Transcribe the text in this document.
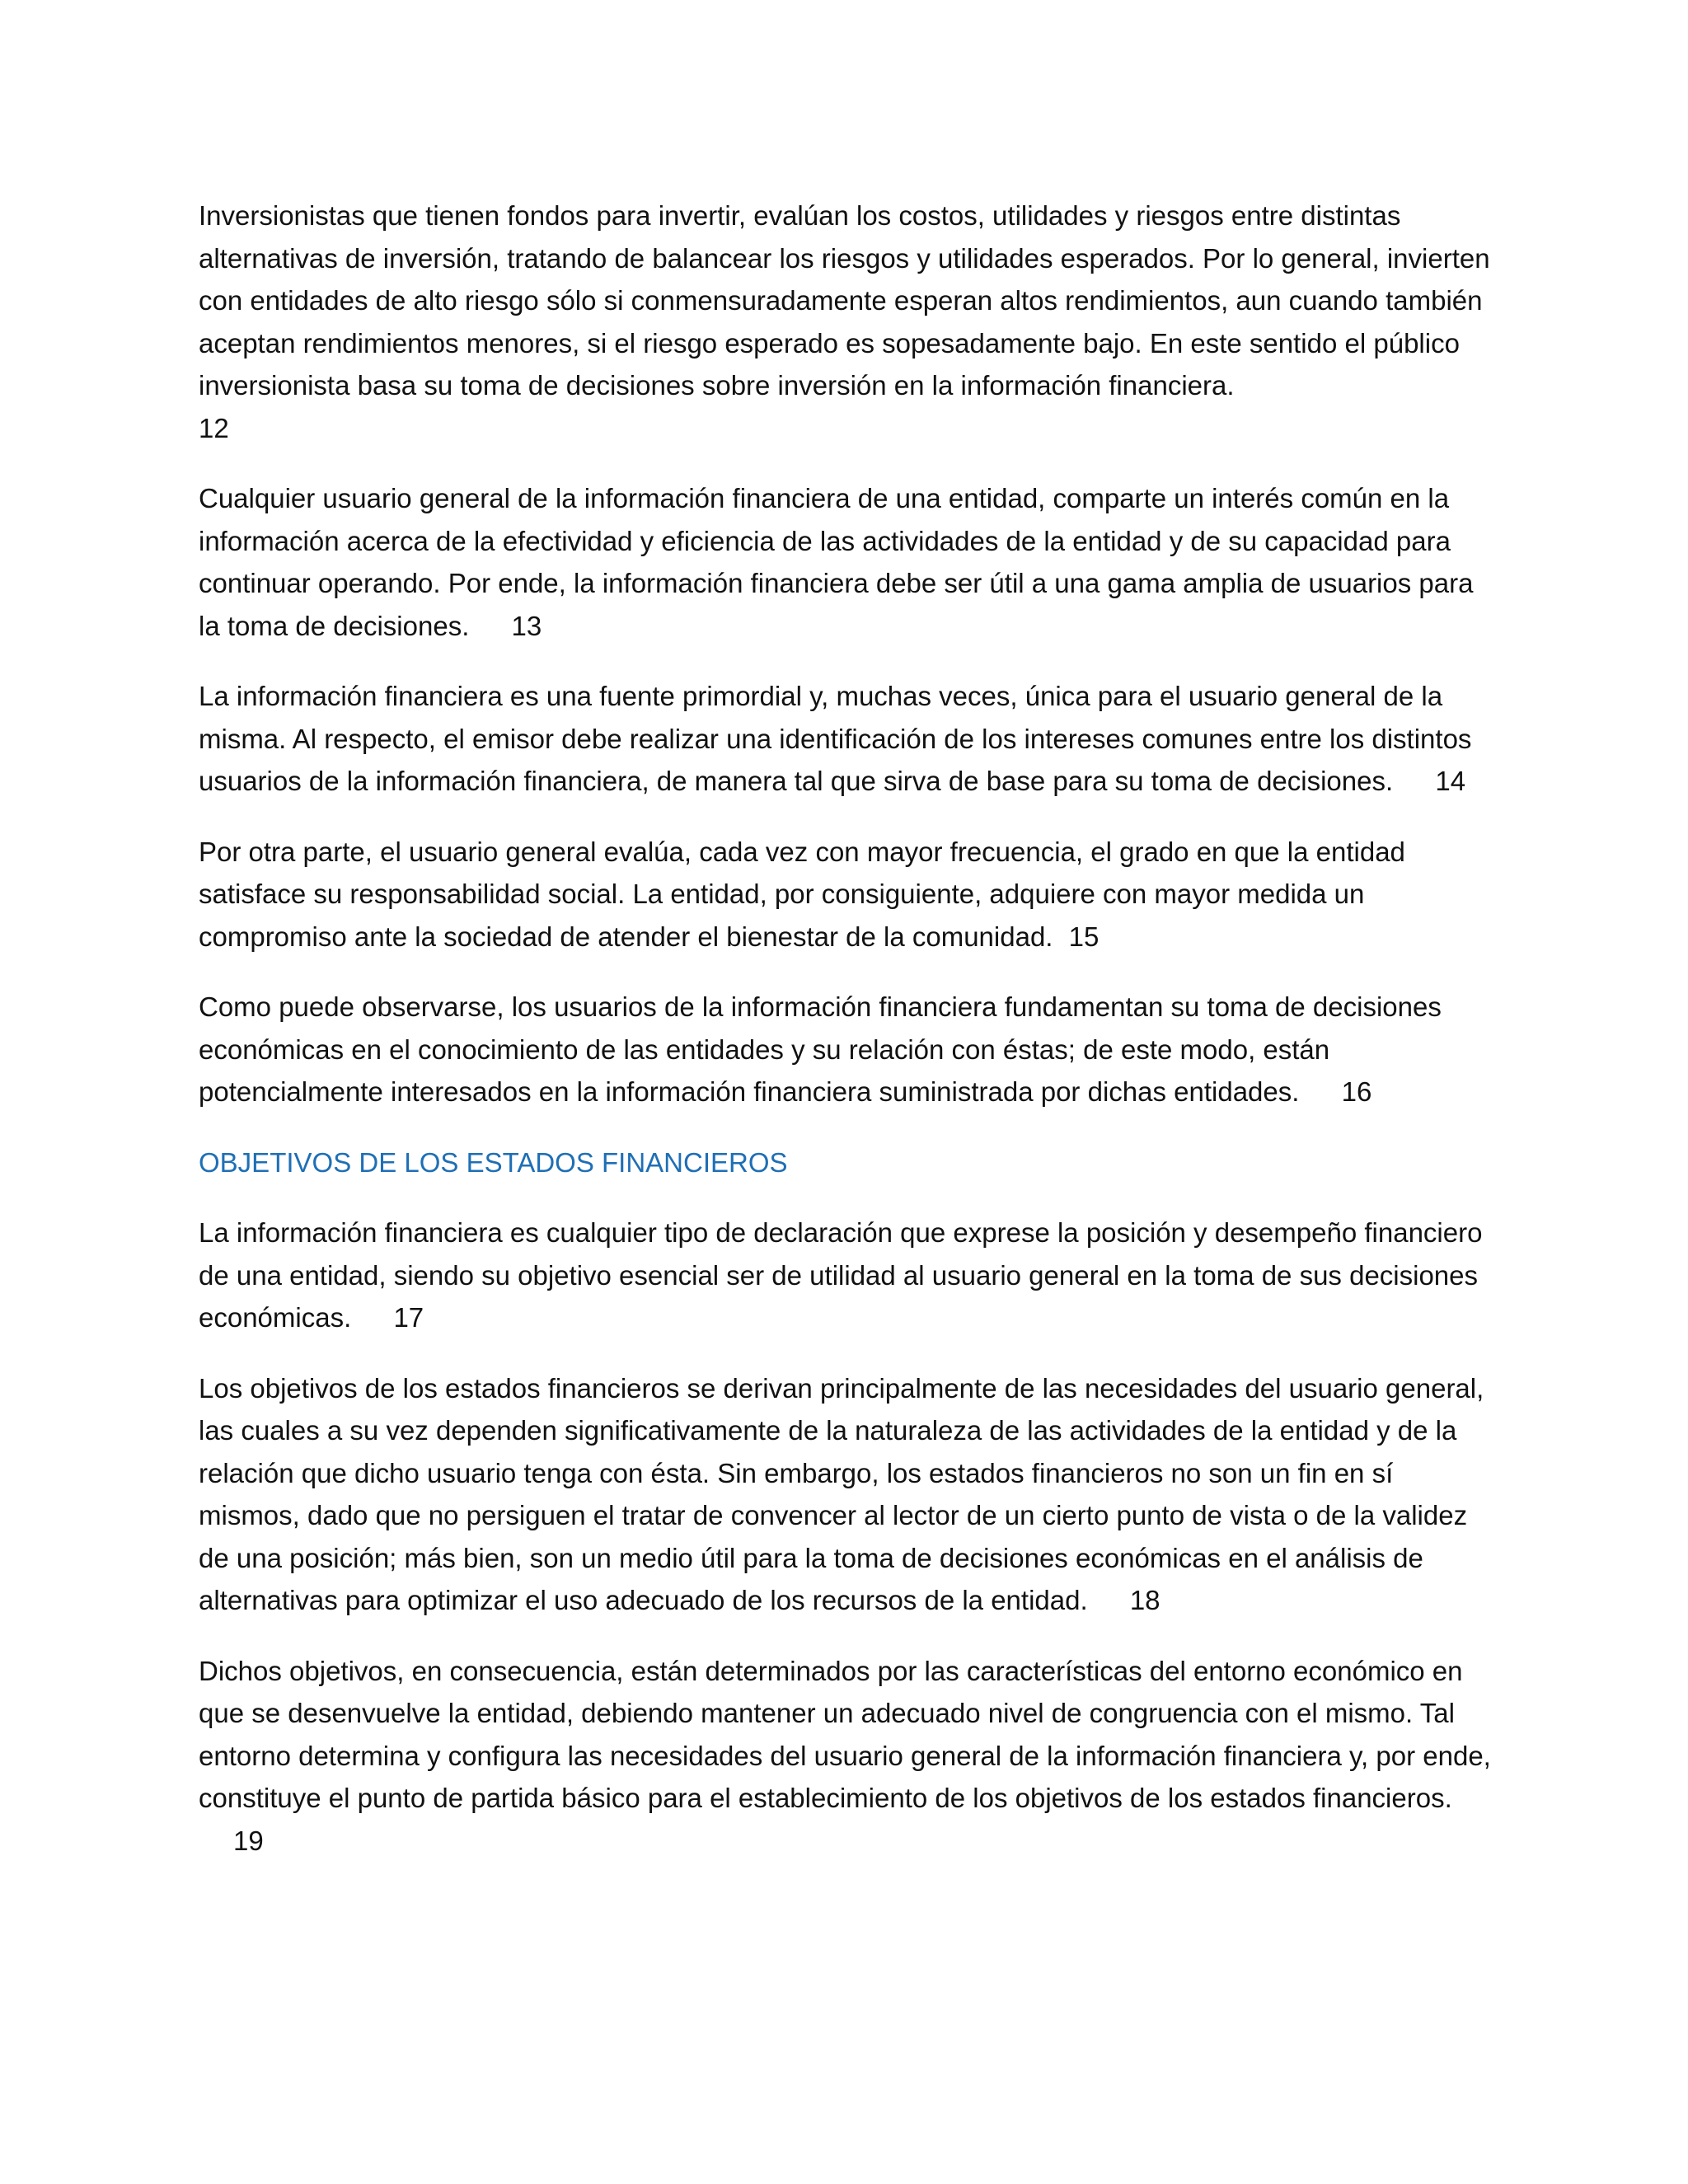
Inversionistas que tienen fondos para invertir, evalúan los costos, utilidades y riesgos entre distintas alternativas de inversión, tratando de balancear los riesgos y utilidades esperados. Por lo general, invierten con entidades de alto riesgo sólo si conmensuradamente esperan altos rendimientos, aun cuando también aceptan rendimientos menores, si el riesgo esperado es sopesadamente bajo. En este sentido el público inversionista basa su toma de decisiones sobre inversión en la información financiera.
12

Cualquier usuario general de la información financiera de una entidad, comparte un interés común en la información acerca de la efectividad y eficiencia de las actividades de la entidad y de su capacidad para continuar operando. Por ende, la información financiera debe ser útil a una gama amplia de usuarios para la toma de decisiones. 13

La información financiera es una fuente primordial y, muchas veces, única para el usuario general de la misma. Al respecto, el emisor debe realizar una identificación de los intereses comunes entre los distintos usuarios de la información financiera, de manera tal que sirva de base para su toma de decisiones. 14

Por otra parte, el usuario general evalúa, cada vez con mayor frecuencia, el grado en que la entidad satisface su responsabilidad social. La entidad, por consiguiente, adquiere con mayor medida un compromiso ante la sociedad de atender el bienestar de la comunidad. 15

Como puede observarse, los usuarios de la información financiera fundamentan su toma de decisiones económicas en el conocimiento de las entidades y su relación con éstas; de este modo, están potencialmente interesados en la información financiera suministrada por dichas entidades. 16

OBJETIVOS DE LOS ESTADOS FINANCIEROS

La información financiera es cualquier tipo de declaración que exprese la posición y desempeño financiero de una entidad, siendo su objetivo esencial ser de utilidad al usuario general en la toma de sus decisiones económicas. 17

Los objetivos de los estados financieros se derivan principalmente de las necesidades del usuario general, las cuales a su vez dependen significativamente de la naturaleza de las actividades de la entidad y de la relación que dicho usuario tenga con ésta. Sin embargo, los estados financieros no son un fin en sí mismos, dado que no persiguen el tratar de convencer al lector de un cierto punto de vista o de la validez de una posición; más bien, son un medio útil para la toma de decisiones económicas en el análisis de alternativas para optimizar el uso adecuado de los recursos de la entidad. 18

Dichos objetivos, en consecuencia, están determinados por las características del entorno económico en que se desenvuelve la entidad, debiendo mantener un adecuado nivel de congruencia con el mismo. Tal entorno determina y configura las necesidades del usuario general de la información financiera y, por ende, constituye el punto de partida básico para el establecimiento de los objetivos de los estados financieros. 19
